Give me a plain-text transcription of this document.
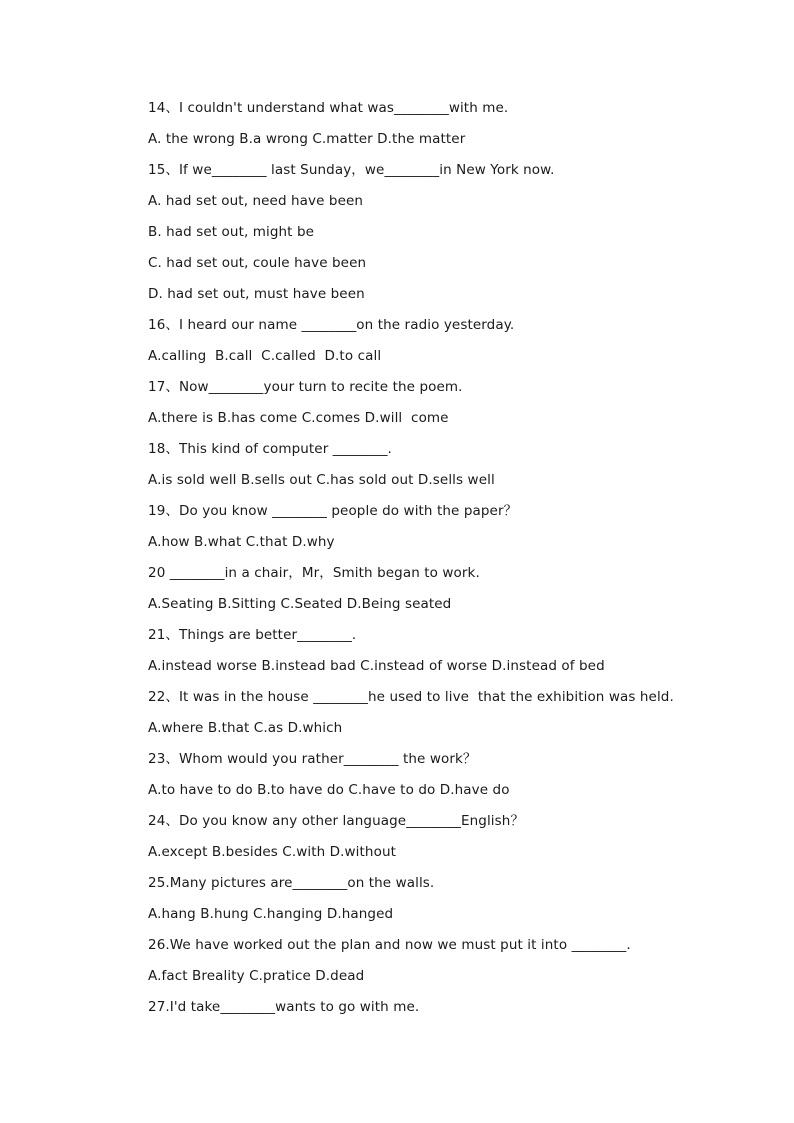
14、I couldn't understand what was________with me.
A. the wrong B.a wrong C.matter D.the matter
15、If we________ last Sunday，we________in New York now.
A. had set out, need have been
B. had set out, might be
C. had set out, coule have been
D. had set out, must have been
16、I heard our name ________on the radio yesterday.
A.calling  B.call  C.called  D.to call
17、Now________your turn to recite the poem.
A.there is B.has come C.comes D.will  come
18、This kind of computer ________.
A.is sold well B.sells out C.has sold out D.sells well
19、Do you know ________ people do with the paper？
A.how B.what C.that D.why
20 ________in a chair，Mr，Smith began to work.
A.Seating B.Sitting C.Seated D.Being seated
21、Things are better________.
A.instead worse B.instead bad C.instead of worse D.instead of bed
22、It was in the house ________he used to live  that the exhibition was held.
A.where B.that C.as D.which
23、Whom would you rather________ the work？
A.to have to do B.to have do C.have to do D.have do
24、Do you know any other language________English？
A.except B.besides C.with D.without
25.Many pictures are________on the walls.
A.hang B.hung C.hanging D.hanged
26.We have worked out the plan and now we must put it into ________.
A.fact Breality C.pratice D.dead
27.I'd take________wants to go with me.
